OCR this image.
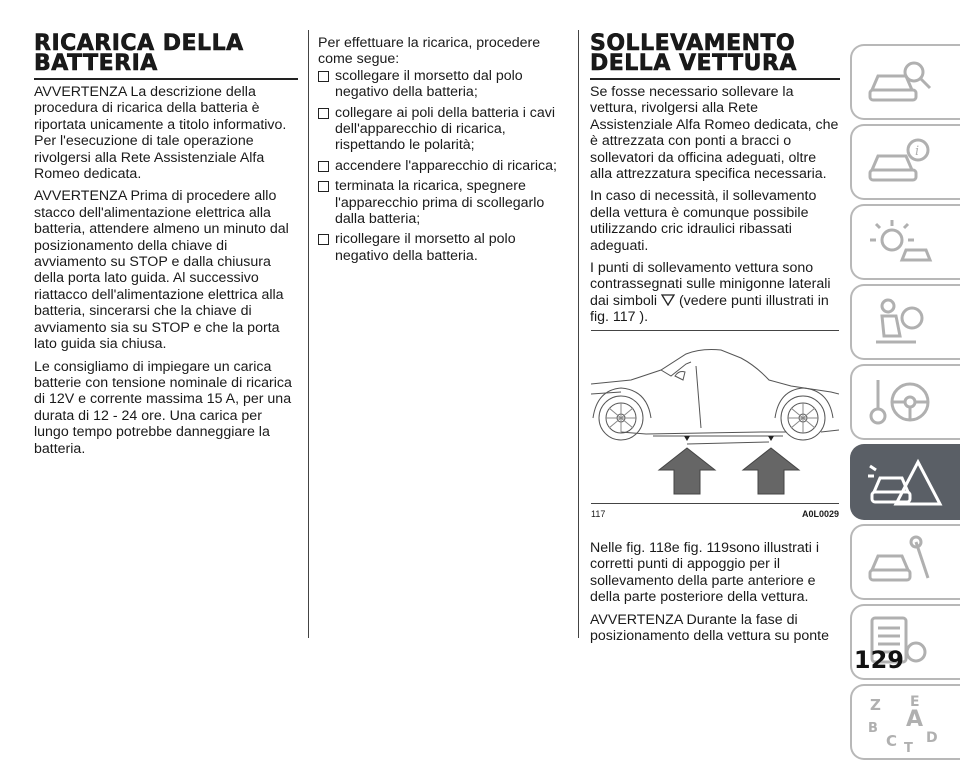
RICARICA DELLA BATTERIA

AVVERTENZA La descrizione della procedura di ricarica della batteria è riportata unicamente a titolo informativo. Per l'esecuzione di tale operazione rivolgersi alla Rete Assistenziale Alfa Romeo dedicata.

AVVERTENZA Prima di procedere allo stacco dell'alimentazione elettrica alla batteria, attendere almeno un minuto dal posizionamento della chiave di avviamento su STOP e dalla chiusura della porta lato guida. Al successivo riattacco dell'alimentazione elettrica alla batteria, sincerarsi che la chiave di avviamento sia su STOP e che la porta lato guida sia chiusa.

Le consigliamo di impiegare un carica batterie con tensione nominale di ricarica di 12V e corrente massima 15 A, per una durata di 12 - 24 ore. Una carica per lungo tempo potrebbe danneggiare la batteria.

Per effettuare la ricarica, procedere come segue:

scollegare il morsetto dal polo negativo della batteria;
collegare ai poli della batteria i cavi dell'apparecchio di ricarica, rispettando le polarità;
accendere l'apparecchio di ricarica;
terminata la ricarica, spegnere l'apparecchio prima di scollegarlo dalla batteria;
ricollegare il morsetto al polo negativo della batteria.
SOLLEVAMENTO DELLA VETTURA

Se fosse necessario sollevare la vettura, rivolgersi alla Rete Assistenziale Alfa Romeo dedicata, che è attrezzata con ponti a bracci o sollevatori da officina adeguati, oltre alla attrezzatura specifica necessaria.

In caso di necessità, il sollevamento della vettura è comunque possibile utilizzando cric idraulici ribassati adeguati.

I punti di sollevamento vettura sono contrassegnati sulle minigonne laterali dai simboli (vedere punti illustrati in fig. 117 ).

117	A0L0029

Nelle fig. 118e fig. 119sono illustrati i corretti punti di appoggio per il sollevamento della parte anteriore e della parte posteriore della vettura.

AVVERTENZA Durante la fase di posizionamento della vettura su ponte

i
Z E
B A
C T
D
129
